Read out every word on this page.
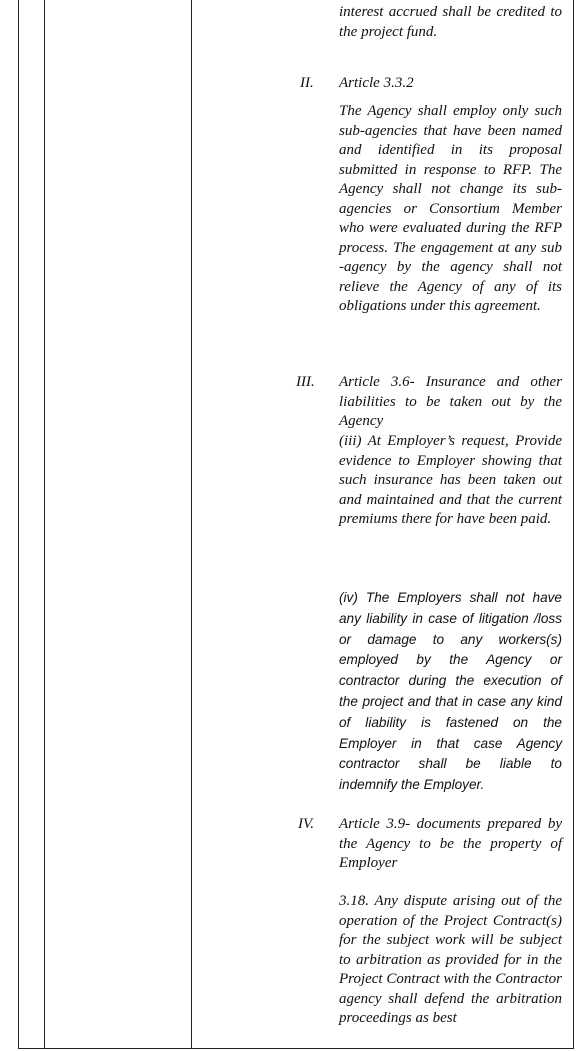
interest accrued shall be credited to the project fund.

II. Article 3.3.2

The Agency shall employ only such sub-agencies that have been named and identified in its proposal submitted in response to RFP. The Agency shall not change its sub-agencies or Consortium Member who were evaluated during the RFP process. The engagement at any sub -agency by the agency shall not relieve the Agency of any of its obligations under this agreement.

III. Article 3.6- Insurance and other liabilities to be taken out by the Agency

(iii) At Employer’s request, Provide evidence to Employer showing that such insurance has been taken out and maintained and that the current premiums there for have been paid.

(iv) The Employers shall not have any liability in case of litigation /loss or damage to any workers(s) employed by the Agency or contractor during the execution of the project and that in case any kind of liability is fastened on the Employer in that case Agency contractor shall be liable to indemnify the Employer.

IV. Article 3.9- documents prepared by the Agency to be the property of Employer

3.18. Any dispute arising out of the operation of the Project Contract(s) for the subject work will be subject to arbitration as provided for in the Project Contract with the Contractor agency shall defend the arbitration proceedings as best
